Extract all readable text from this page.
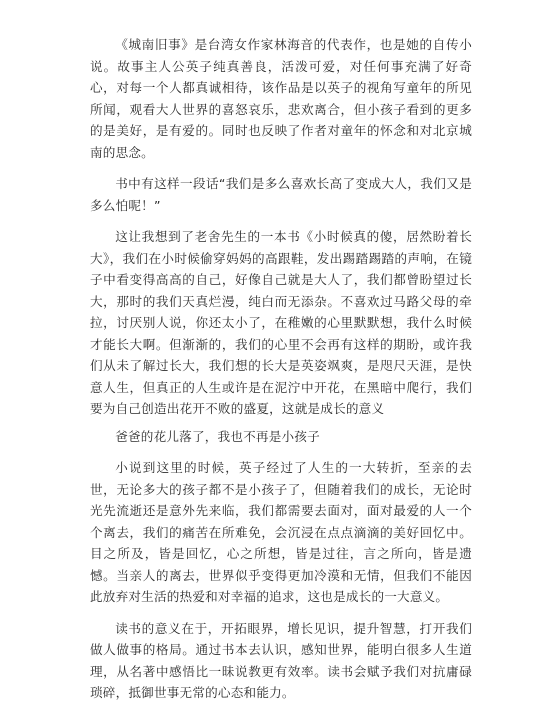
《城南旧事》是台湾女作家林海音的代表作，也是她的自传小说。故事主人公英子纯真善良，活泼可爱，对任何事充满了好奇心，对每一个人都真诚相待，该作品是以英子的视角写童年的所见所闻，观看大人世界的喜怒哀乐，悲欢离合，但小孩子看到的更多的是美好，是有爱的。同时也反映了作者对童年的怀念和对北京城南的思念。

书中有这样一段话“我们是多么喜欢长高了变成大人，我们又是多么怕呢！”

这让我想到了老舍先生的一本书《小时候真的傻，居然盼着长大》，我们在小时候偷穿妈妈的高跟鞋，发出踢踏踢踏的声响，在镜子中看变得高高的自己，好像自己就是大人了，我们都曾盼望过长大，那时的我们天真烂漫，纯白而无添杂。不喜欢过马路父母的牵拉，讨厌别人说，你还太小了，在稚嫩的心里默默想，我什么时候才能长大啊。但渐渐的，我们的心里不会再有这样的期盼，或许我们从未了解过长大，我们想的长大是英姿飒爽，是咫尺天涯，是快意人生，但真正的人生或许是在泥泞中开花，在黑暗中爬行，我们要为自己创造出花开不败的盛夏，这就是成长的意义

爸爸的花儿落了，我也不再是小孩子

小说到这里的时候，英子经过了人生的一大转折，至亲的去世，无论多大的孩子都不是小孩子了，但随着我们的成长，无论时光先流逝还是意外先来临，我们都需要去面对，面对最爱的人一个个离去，我们的痛苦在所难免，会沉浸在点点滴滴的美好回忆中。目之所及，皆是回忆，心之所想，皆是过往，言之所向，皆是遗憾。当亲人的离去，世界似乎变得更加冷漠和无情，但我们不能因此放弃对生活的热爱和对幸福的追求，这也是成长的一大意义。

读书的意义在于，开拓眼界，增长见识，提升智慧，打开我们做人做事的格局。通过书本去认识，感知世界，能明白很多人生道理，从名著中感悟比一昧说教更有效率。读书会赋予我们对抗庸碌琐碎，抵御世事无常的心态和能力。
